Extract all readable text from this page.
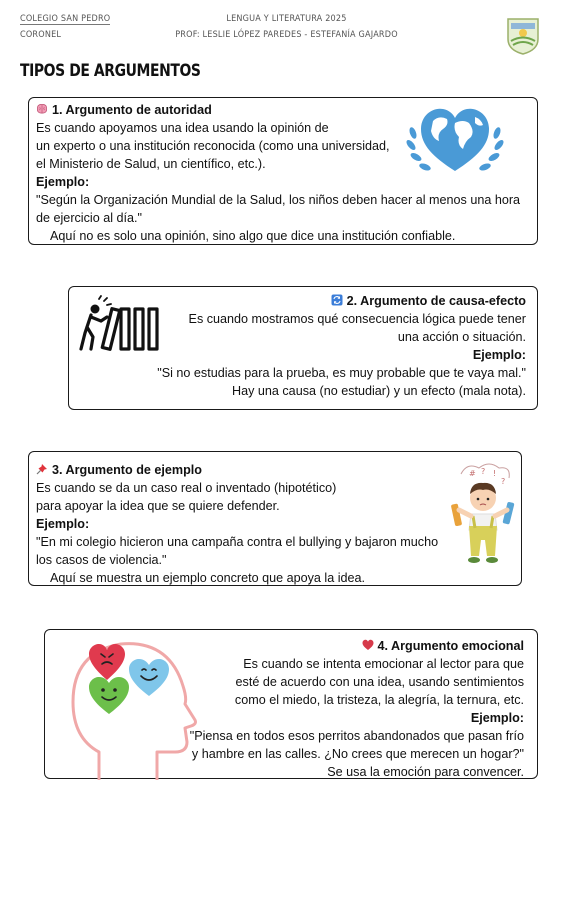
COLEGIO SAN PEDRO
CORONEL
LENGUA Y LITERATURA 2025
PROF: LESLIE LÓPEZ PAREDES - ESTEFANÍA GAJARDO
TIPOS DE ARGUMENTOS

1. Argumento de autoridad

Es cuando apoyamos una idea usando la opinión de

un experto o una institución reconocida (como una universidad,

el Ministerio de Salud, un científico, etc.).

Ejemplo:

"Según la Organización Mundial de la Salud, los niños deben hacer al menos una hora

de ejercicio al día."

Aquí no es solo una opinión, sino algo que dice una institución confiable.

2. Argumento de causa-efecto

Es cuando mostramos qué consecuencia lógica puede tener

una acción o situación.

Ejemplo:

"Si no estudias para la prueba, es muy probable que te vaya mal."

Hay una causa (no estudiar) y un efecto (mala nota).

3. Argumento de ejemplo

Es cuando se da un caso real o inventado (hipotético)

para apoyar la idea que se quiere defender.

Ejemplo:

"En mi colegio hicieron una campaña contra el bullying y bajaron mucho

los casos de violencia."

Aquí se muestra un ejemplo concreto que apoya la idea.

# ? !
?

4. Argumento emocional

Es cuando se intenta emocionar al lector para que

esté de acuerdo con una idea, usando sentimientos

como el miedo, la tristeza, la alegría, la ternura, etc.

Ejemplo:

"Piensa en todos esos perritos abandonados que pasan frío

y hambre en las calles. ¿No crees que merecen un hogar?"

Se usa la emoción para convencer.
